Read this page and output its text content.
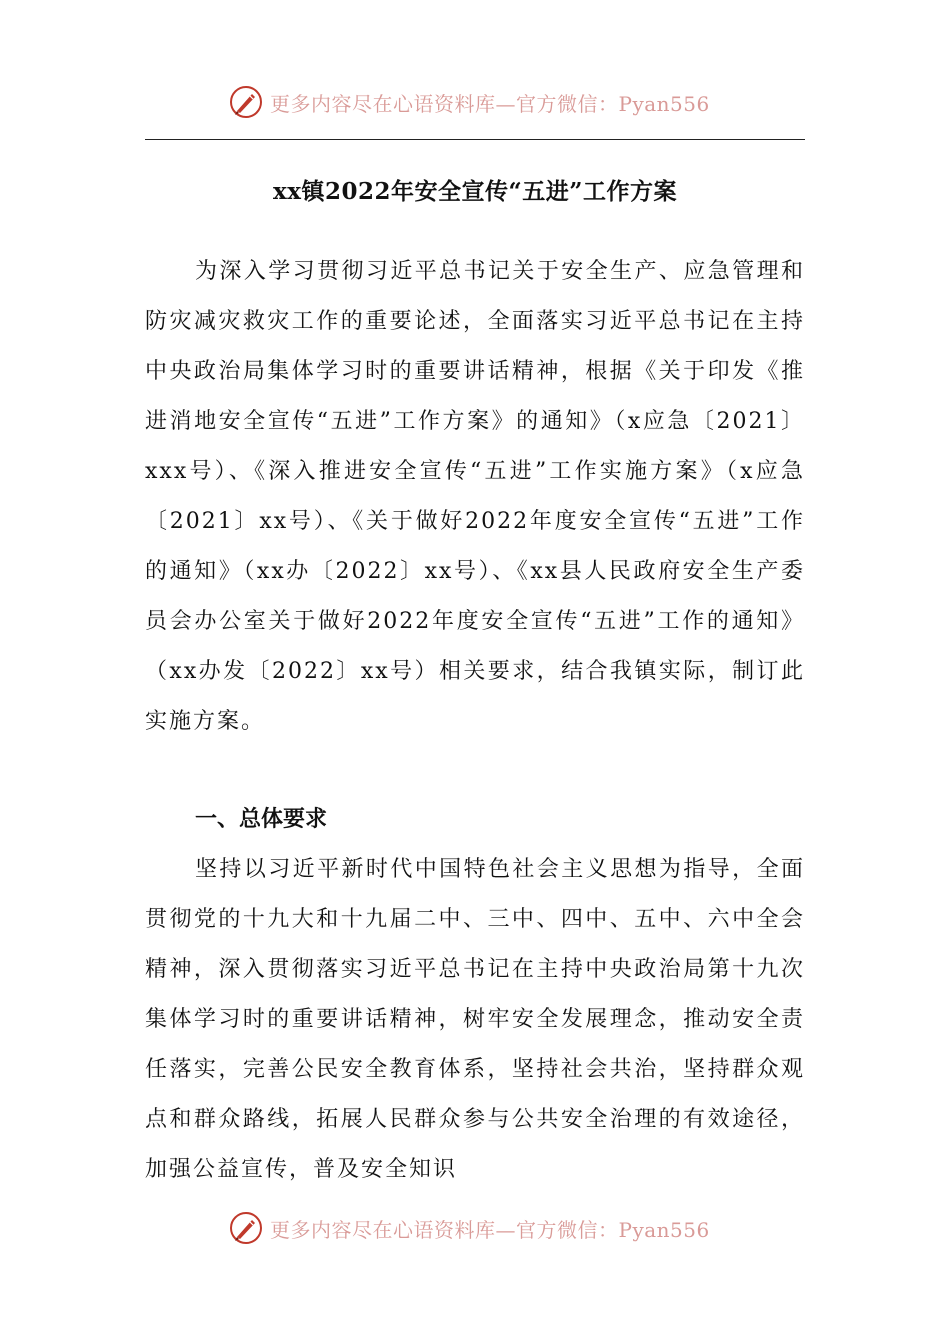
更多内容尽在心语资料库—官方微信：Pyan556
xx镇2022年安全宣传“五进”工作方案

为深入学习贯彻习近平总书记关于安全生产、应急管理和防灾减灾救灾工作的重要论述，全面落实习近平总书记在主持中央政治局集体学习时的重要讲话精神，根据《关于印发《推进消地安全宣传“五进”工作方案》的通知》（x应急〔2021〕xxx号）、《深入推进安全宣传“五进”工作实施方案》（x应急〔2021〕xx号）、《关于做好2022年度安全宣传“五进”工作的通知》（xx办〔2022〕xx号）、《xx县人民政府安全生产委员会办公室关于做好2022年度安全宣传“五进”工作的通知》（xx办发〔2022〕xx号）相关要求，结合我镇实际，制订此实施方案。

一、总体要求

坚持以习近平新时代中国特色社会主义思想为指导，全面贯彻党的十九大和十九届二中、三中、四中、五中、六中全会精神，深入贯彻落实习近平总书记在主持中央政治局第十九次集体学习时的重要讲话精神，树牢安全发展理念，推动安全责任落实，完善公民安全教育体系，坚持社会共治，坚持群众观点和群众路线，拓展人民群众参与公共安全治理的有效途径，加强公益宣传，普及安全知识

更多内容尽在心语资料库—官方微信：Pyan556
